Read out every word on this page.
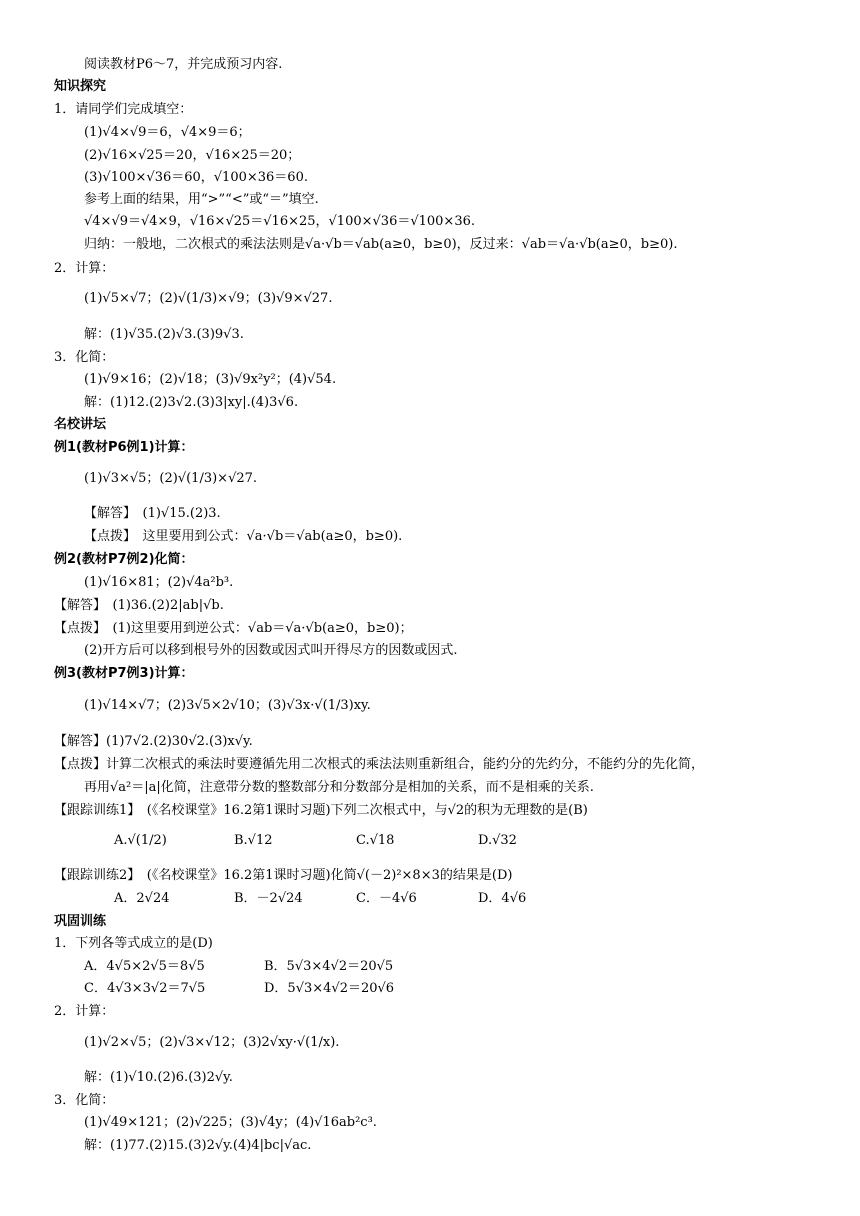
阅读教材P6～7，并完成预习内容.
知识探究
1．请同学们完成填空：
(1)√4×√9＝6，√4×9＝6；
(2)√16×√25＝20，√16×25＝20；
(3)√100×√36＝60，√100×36＝60.
参考上面的结果，用“>”“<”或“＝”填空.
√4×√9＝√4×9，√16×√25＝√16×25，√100×√36＝√100×36.
归纳：一般地，二次根式的乘法法则是√a·√b＝√ab(a≥0，b≥0)，反过来：√ab＝√a·√b(a≥0，b≥0).
2．计算：
(1)√5×√7；(2)√(1/3)×√9；(3)√9×√27.
解：(1)√35.(2)√3.(3)9√3.
3．化简：
(1)√9×16；(2)√18；(3)√9x²y²；(4)√54.
解：(1)12.(2)3√2.(3)3|xy|.(4)3√6.
名校讲坛
例1(教材P6例1)计算：
(1)√3×√5；(2)√(1/3)×√27.
【解答】　(1)√15.(2)3.
【点拨】　这里要用到公式：√a·√b＝√ab(a≥0，b≥0).
例2(教材P7例2)化简：
(1)√16×81；(2)√4a²b³.
【解答】　(1)36.(2)2|ab|√b.
【点拨】　(1)这里要用到逆公式：√ab＝√a·√b(a≥0，b≥0)；
(2)开方后可以移到根号外的因数或因式叫开得尽方的因数或因式.
例3(教材P7例3)计算：
(1)√14×√7；(2)3√5×2√10；(3)√3x·√(1/3)xy.
【解答】(1)7√2.(2)30√2.(3)x√y.
【点拨】计算二次根式的乘法时要遵循先用二次根式的乘法法则重新组合，能约分的先约分，不能约分的先化简，
再用√a²＝|a|化简，注意带分数的整数部分和分数部分是相加的关系，而不是相乘的关系.
【跟踪训练1】　(《名校课堂》16.2第1课时习题)下列二次根式中，与√2的积为无理数的是(B)
A.√(1/2)	B.√12	C.√18	D.√32
【跟踪训练2】　(《名校课堂》16.2第1课时习题)化简√(－2)²×8×3的结果是(D)
A．2√24	B．－2√24	C．－4√6	D．4√6
巩固训练
1．下列各等式成立的是(D)
A．4√5×2√5＝8√5	B．5√3×4√2＝20√5
C．4√3×3√2＝7√5	D．5√3×4√2＝20√6
2．计算：
(1)√2×√5；(2)√3×√12；(3)2√xy·√(1/x).
解：(1)√10.(2)6.(3)2√y.
3．化简：
(1)√49×121；(2)√225；(3)√4y；(4)√16ab²c³.
解：(1)77.(2)15.(3)2√y.(4)4|bc|√ac.
